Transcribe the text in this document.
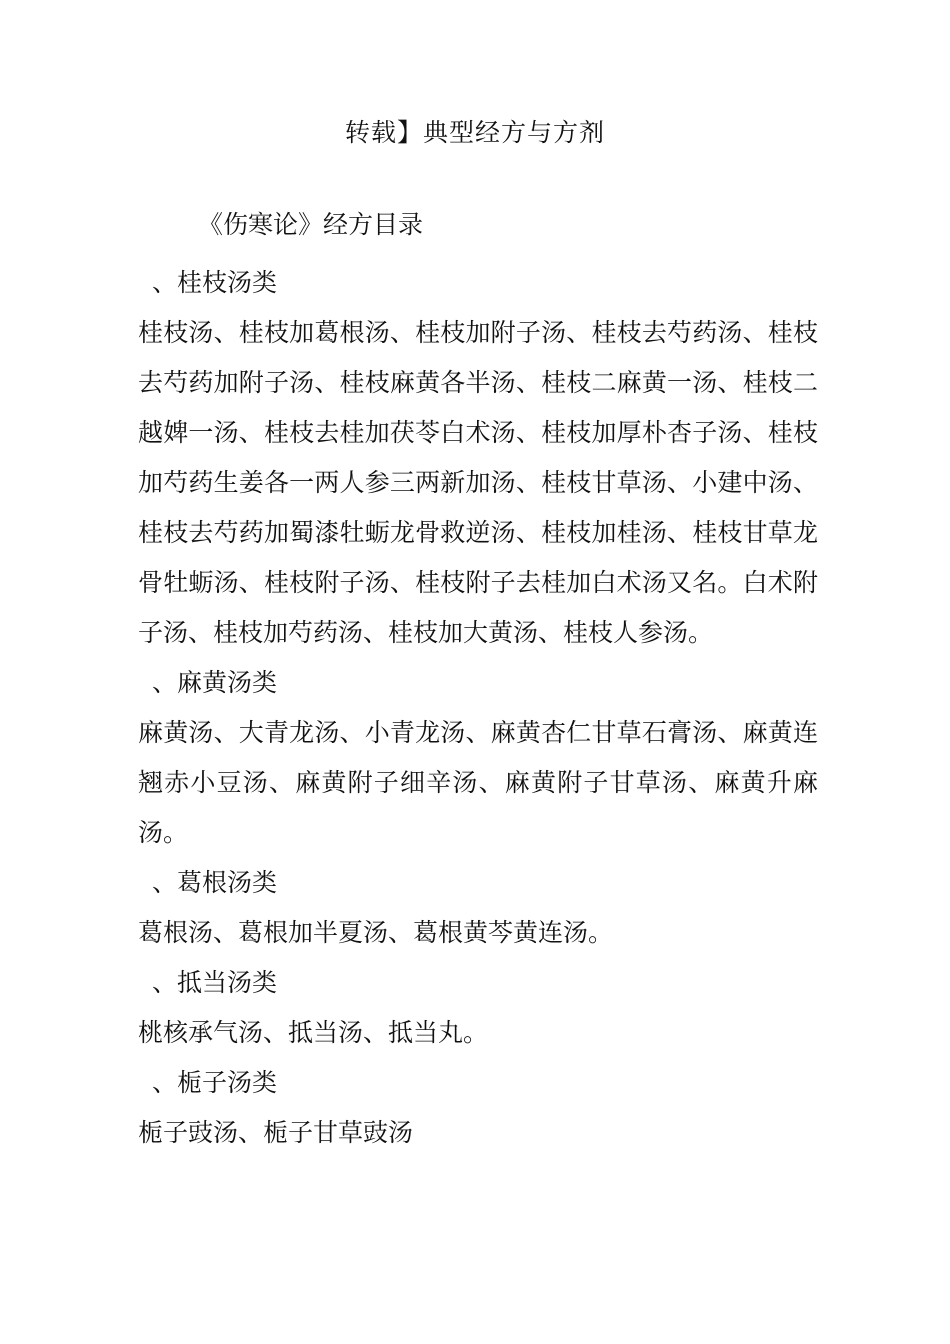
转载】典型经方与方剂
《伤寒论》经方目录
、桂枝汤类
桂枝汤、桂枝加葛根汤、桂枝加附子汤、桂枝去芍药汤、桂枝去芍药加附子汤、桂枝麻黄各半汤、桂枝二麻黄一汤、桂枝二越婢一汤、桂枝去桂加茯苓白术汤、桂枝加厚朴杏子汤、桂枝加芍药生姜各一两人参三两新加汤、桂枝甘草汤、小建中汤、桂枝去芍药加蜀漆牡蛎龙骨救逆汤、桂枝加桂汤、桂枝甘草龙骨牡蛎汤、桂枝附子汤、桂枝附子去桂加白术汤又名。白术附子汤、桂枝加芍药汤、桂枝加大黄汤、桂枝人参汤。
、麻黄汤类
麻黄汤、大青龙汤、小青龙汤、麻黄杏仁甘草石膏汤、麻黄连翘赤小豆汤、麻黄附子细辛汤、麻黄附子甘草汤、麻黄升麻汤。
、葛根汤类
葛根汤、葛根加半夏汤、葛根黄芩黄连汤。
、抵当汤类
桃核承气汤、抵当汤、抵当丸。
、栀子汤类
栀子豉汤、栀子甘草豉汤
